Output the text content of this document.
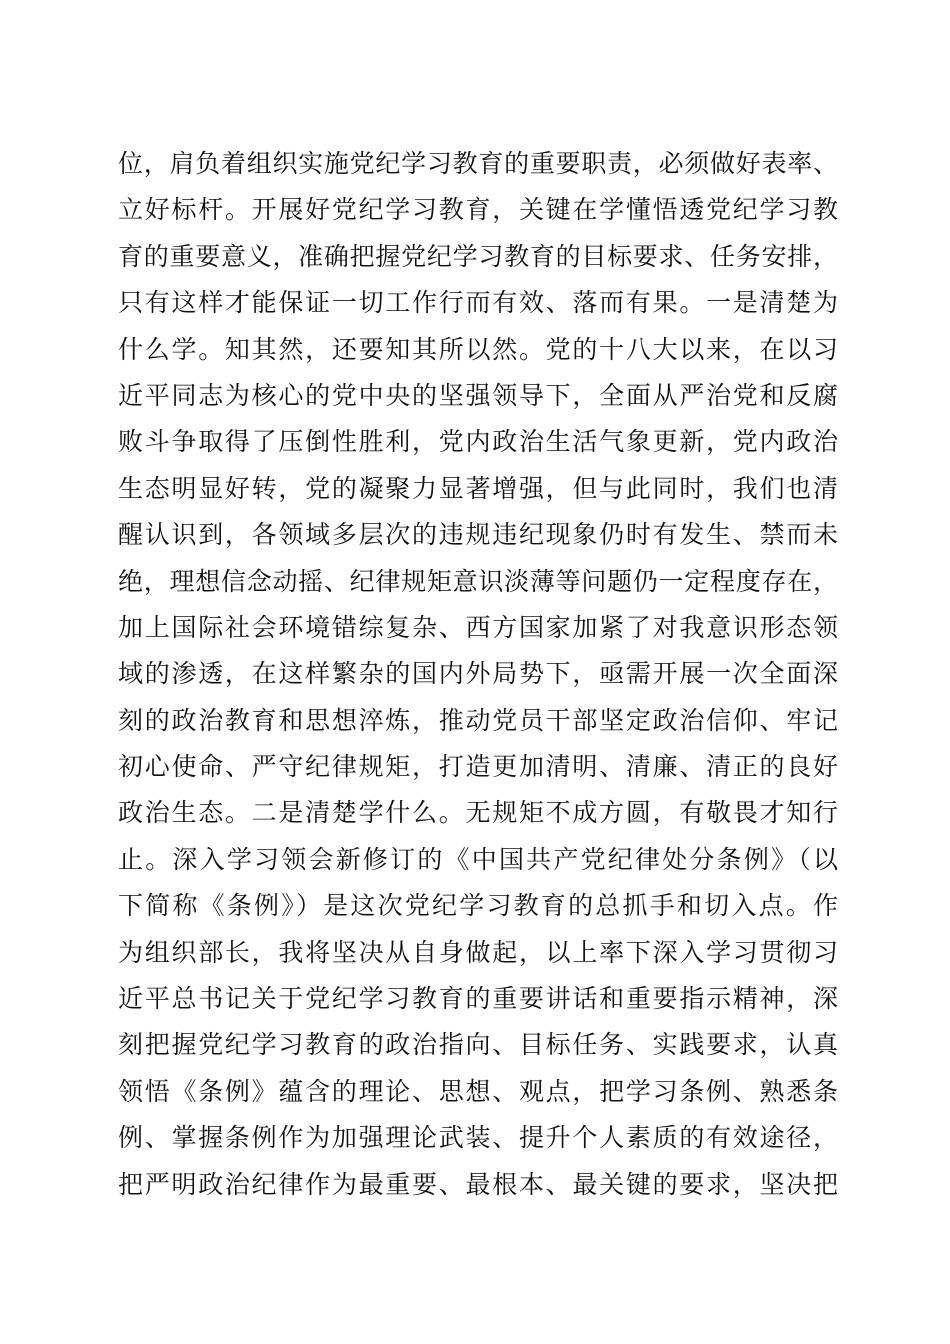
位，肩负着组织实施党纪学习教育的重要职责，必须做好表率、
立好标杆。开展好党纪学习教育，关键在学懂悟透党纪学习教
育的重要意义，准确把握党纪学习教育的目标要求、任务安排，
只有这样才能保证一切工作行而有效、落而有果。一是清楚为
什么学。知其然，还要知其所以然。党的十八大以来，在以习
近平同志为核心的党中央的坚强领导下，全面从严治党和反腐
败斗争取得了压倒性胜利，党内政治生活气象更新，党内政治
生态明显好转，党的凝聚力显著增强，但与此同时，我们也清
醒认识到，各领域多层次的违规违纪现象仍时有发生、禁而未
绝，理想信念动摇、纪律规矩意识淡薄等问题仍一定程度存在，
加上国际社会环境错综复杂、西方国家加紧了对我意识形态领
域的渗透，在这样繁杂的国内外局势下，亟需开展一次全面深
刻的政治教育和思想淬炼，推动党员干部坚定政治信仰、牢记
初心使命、严守纪律规矩，打造更加清明、清廉、清正的良好
政治生态。二是清楚学什么。无规矩不成方圆，有敬畏才知行
止。深入学习领会新修订的《中国共产党纪律处分条例》（以
下简称《条例》）是这次党纪学习教育的总抓手和切入点。作
为组织部长，我将坚决从自身做起，以上率下深入学习贯彻习
近平总书记关于党纪学习教育的重要讲话和重要指示精神，深
刻把握党纪学习教育的政治指向、目标任务、实践要求，认真
领悟《条例》蕴含的理论、思想、观点，把学习条例、熟悉条
例、掌握条例作为加强理论武装、提升个人素质的有效途径，
把严明政治纪律作为最重要、最根本、最关键的要求，坚决把
